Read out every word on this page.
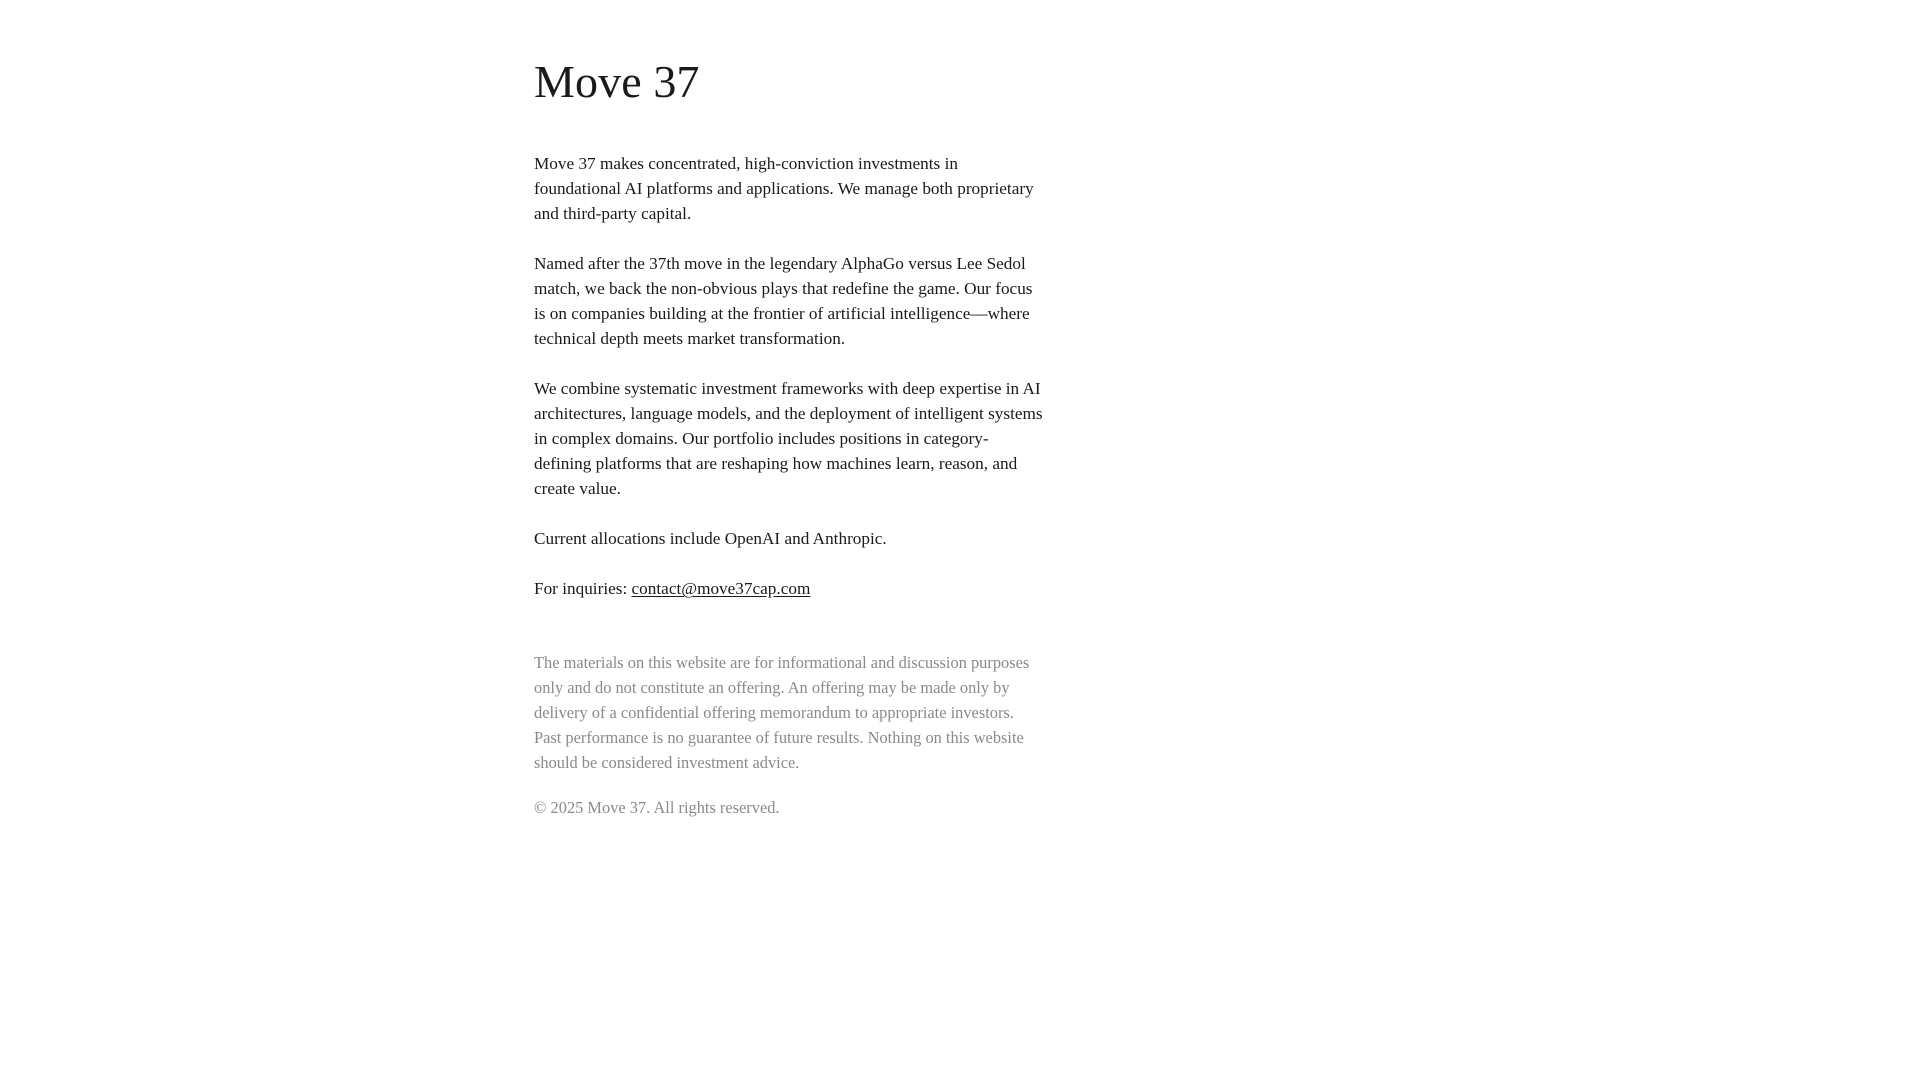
Move 37

Move 37 makes concentrated, high-conviction investments in foundational AI platforms and applications. We manage both proprietary and third-party capital.

Named after the 37th move in the legendary AlphaGo versus Lee Sedol match, we back the non-obvious plays that redefine the game. Our focus is on companies building at the frontier of artificial intelligence—where technical depth meets market transformation.

We combine systematic investment frameworks with deep expertise in AI architectures, language models, and the deployment of intelligent systems in complex domains. Our portfolio includes positions in category-defining platforms that are reshaping how machines learn, reason, and create value.

Current allocations include OpenAI and Anthropic.

For inquiries: contact@move37cap.com

The materials on this website are for informational and discussion purposes only and do not constitute an offering. An offering may be made only by delivery of a confidential offering memorandum to appropriate investors. Past performance is no guarantee of future results. Nothing on this website should be considered investment advice.

© 2025 Move 37. All rights reserved.
